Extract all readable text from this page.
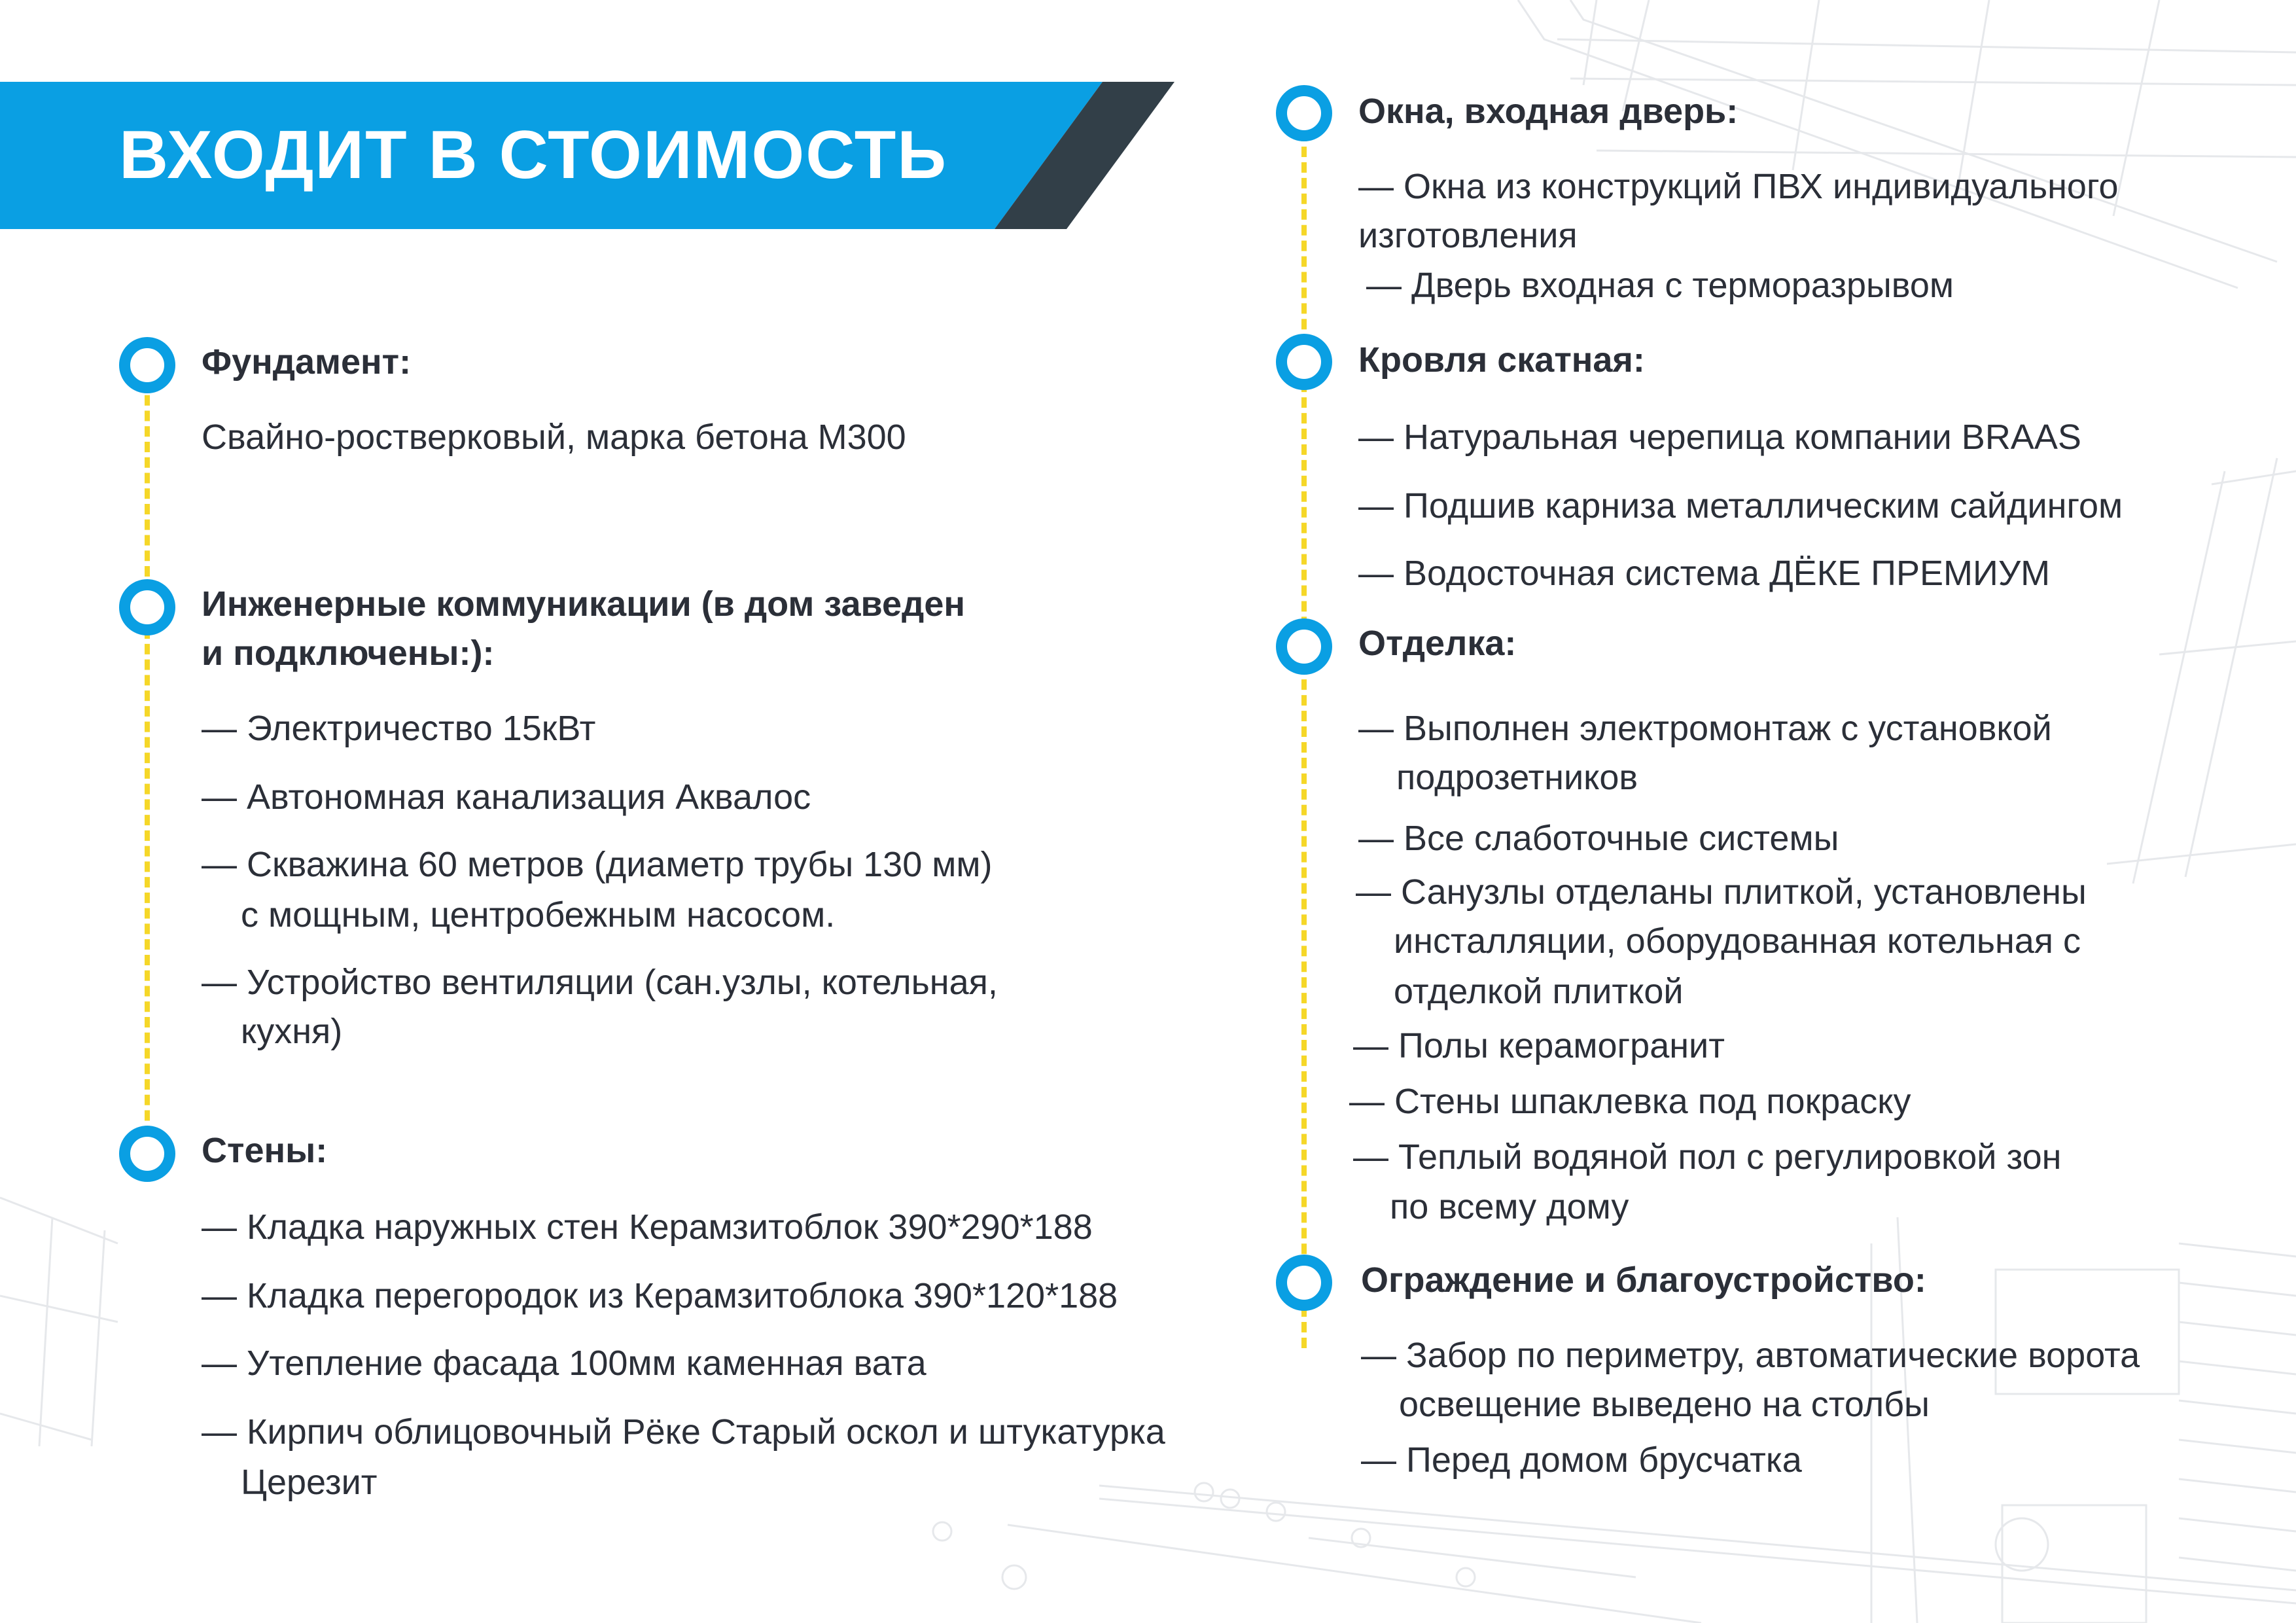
ВХОДИТ В СТОИМОСТЬ

Фундамент:

Свайно-ростверковый, марка бетона М300

Инженерные коммуникации (в дом заведен

и подключены:):

— Электричество 15кВт

— Автономная канализация Аквалос

— Скважина 60 метров (диаметр трубы 130 мм)

с мощным, центробежным насосом.

— Устройство вентиляции (сан.узлы, котельная,

кухня)

Стены:

— Кладка наружных стен Керамзитоблок 390*290*188

— Кладка перегородок из Керамзитоблока 390*120*188

— Утепление фасада 100мм каменная вата

— Кирпич облицовочный Рёке Старый оскол и штукатурка

Церезит

Окна, входная дверь:

— Окна из конструкций ПВХ индивидуального

изготовления

— Дверь входная с терморазрывом

Кровля скатная:

— Натуральная черепица компании BRAAS

— Подшив карниза металлическим сайдингом

— Водосточная система ДЁКЕ ПРЕМИУМ

Отделка:

— Выполнен электромонтаж с установкой

подрозетников

— Все слаботочные системы

— Санузлы отделаны плиткой, установлены

инсталляции, оборудованная котельная с

отделкой плиткой

— Полы керамогранит

— Стены шпаклевка под покраску

— Теплый водяной пол с регулировкой зон

по всему дому

Ограждение и благоустройство:

— Забор по периметру, автоматические ворота

освещение выведено на столбы

— Перед домом брусчатка
